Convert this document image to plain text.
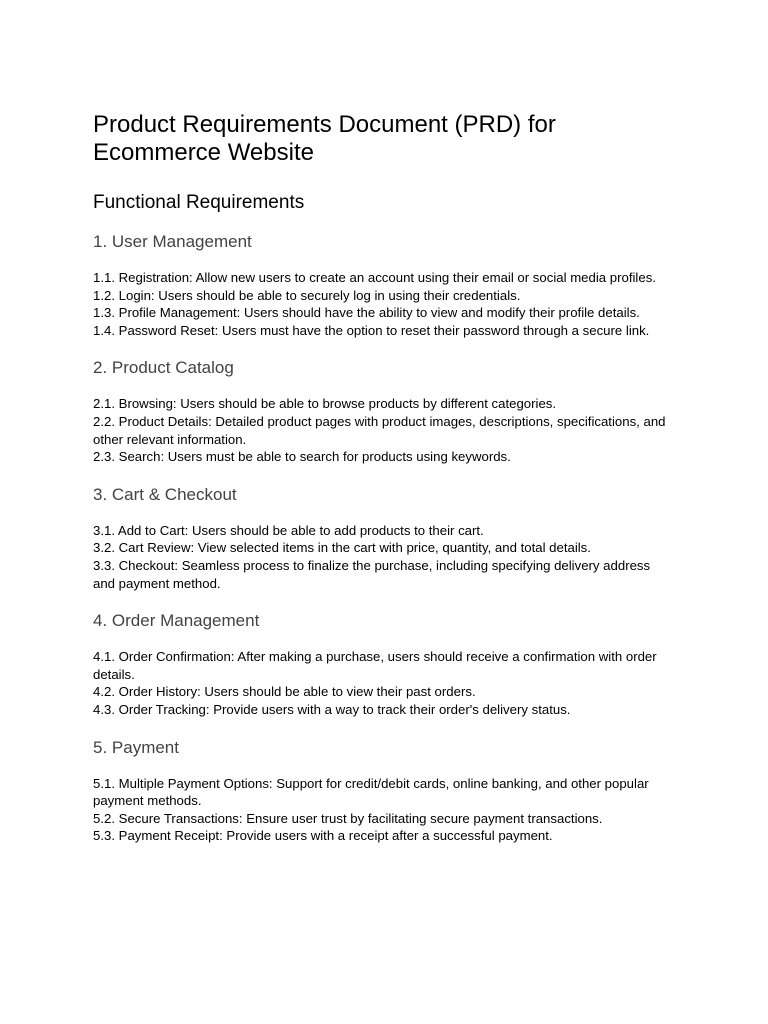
Product Requirements Document (PRD) for
Ecommerce Website
Functional Requirements
1. User Management

1.1. Registration: Allow new users to create an account using their email or social media profiles.

1.2. Login: Users should be able to securely log in using their credentials.

1.3. Profile Management: Users should have the ability to view and modify their profile details.

1.4. Password Reset: Users must have the option to reset their password through a secure link.

2. Product Catalog

2.1. Browsing: Users should be able to browse products by different categories.

2.2. Product Details: Detailed product pages with product images, descriptions, specifications, and other relevant information.

2.3. Search: Users must be able to search for products using keywords.

3. Cart & Checkout

3.1. Add to Cart: Users should be able to add products to their cart.

3.2. Cart Review: View selected items in the cart with price, quantity, and total details.

3.3. Checkout: Seamless process to finalize the purchase, including specifying delivery address and payment method.

4. Order Management

4.1. Order Confirmation: After making a purchase, users should receive a confirmation with order details.

4.2. Order History: Users should be able to view their past orders.

4.3. Order Tracking: Provide users with a way to track their order's delivery status.

5. Payment

5.1. Multiple Payment Options: Support for credit/debit cards, online banking, and other popular payment methods.

5.2. Secure Transactions: Ensure user trust by facilitating secure payment transactions.

5.3. Payment Receipt: Provide users with a receipt after a successful payment.
